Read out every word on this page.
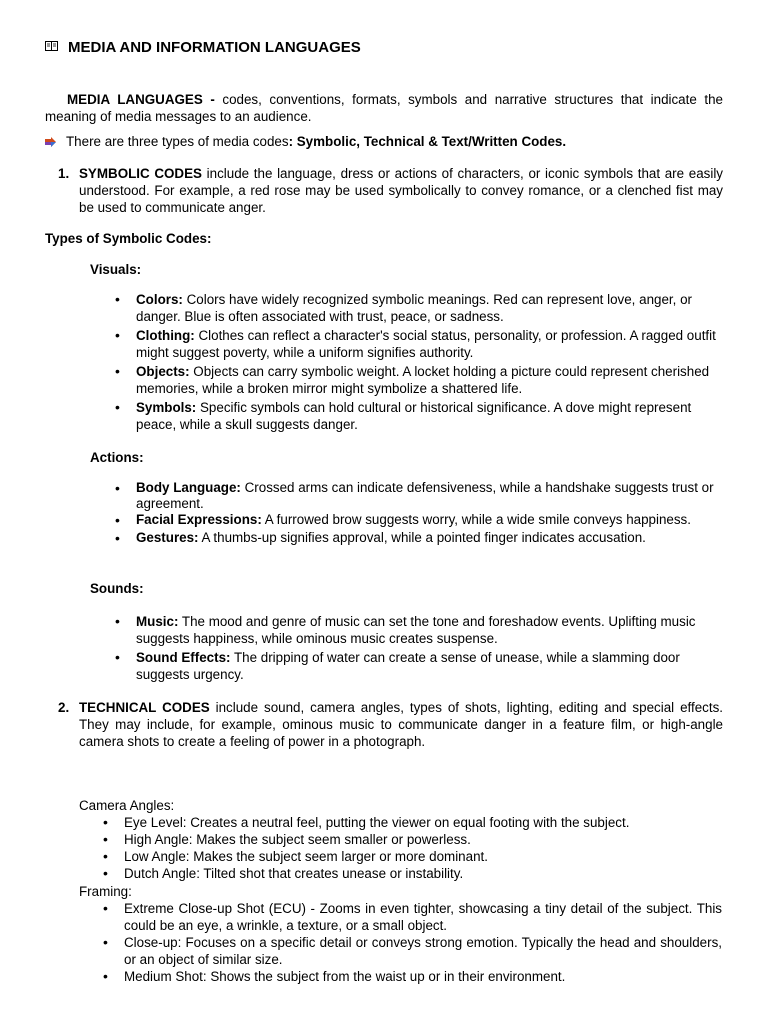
MEDIA AND INFORMATION LANGUAGES
MEDIA LANGUAGES - codes, conventions, formats, symbols and narrative structures that indicate the meaning of media messages to an audience.
There are three types of media codes: Symbolic, Technical & Text/Written Codes.
1. SYMBOLIC CODES include the language, dress or actions of characters, or iconic symbols that are easily understood. For example, a red rose may be used symbolically to convey romance, or a clenched fist may be used to communicate anger.
Types of Symbolic Codes:
Visuals:
• Colors: Colors have widely recognized symbolic meanings. Red can represent love, anger, or danger. Blue is often associated with trust, peace, or sadness.
• Clothing: Clothes can reflect a character's social status, personality, or profession. A ragged outfit might suggest poverty, while a uniform signifies authority.
• Objects: Objects can carry symbolic weight. A locket holding a picture could represent cherished memories, while a broken mirror might symbolize a shattered life.
• Symbols: Specific symbols can hold cultural or historical significance. A dove might represent peace, while a skull suggests danger.
Actions:
• Body Language: Crossed arms can indicate defensiveness, while a handshake suggests trust or agreement.
• Facial Expressions: A furrowed brow suggests worry, while a wide smile conveys happiness.
• Gestures: A thumbs-up signifies approval, while a pointed finger indicates accusation.
Sounds:
• Music: The mood and genre of music can set the tone and foreshadow events. Uplifting music suggests happiness, while ominous music creates suspense.
• Sound Effects: The dripping of water can create a sense of unease, while a slamming door suggests urgency.
2. TECHNICAL CODES include sound, camera angles, types of shots, lighting, editing and special effects. They may include, for example, ominous music to communicate danger in a feature film, or high-angle camera shots to create a feeling of power in a photograph.
Camera Angles:
• Eye Level: Creates a neutral feel, putting the viewer on equal footing with the subject.
• High Angle: Makes the subject seem smaller or powerless.
• Low Angle: Makes the subject seem larger or more dominant.
• Dutch Angle: Tilted shot that creates unease or instability.
Framing:
• Extreme Close-up Shot (ECU) - Zooms in even tighter, showcasing a tiny detail of the subject. This could be an eye, a wrinkle, a texture, or a small object.
• Close-up: Focuses on a specific detail or conveys strong emotion. Typically the head and shoulders, or an object of similar size.
• Medium Shot: Shows the subject from the waist up or in their environment.
